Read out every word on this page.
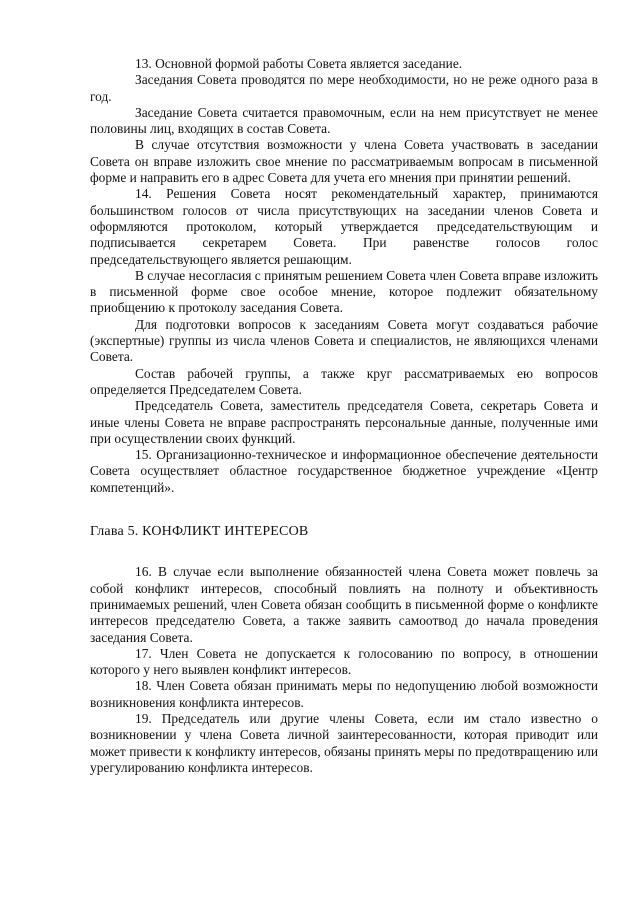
13. Основной формой работы Совета является заседание.

Заседания Совета проводятся по мере необходимости, но не реже одного раза в год.

Заседание Совета считается правомочным, если на нем присутствует не менее половины лиц, входящих в состав Совета.

В случае отсутствия возможности у члена Совета участвовать в заседании Совета он вправе изложить свое мнение по рассматриваемым вопросам в письменной форме и направить его в адрес Совета для учета его мнения при принятии решений.

14. Решения Совета носят рекомендательный характер, принимаются большинством голосов от числа присутствующих на заседании членов Совета и оформляются протоколом, который утверждается председательствующим и подписывается секретарем Совета. При равенстве голосов голос председательствующего является решающим.

В случае несогласия с принятым решением Совета член Совета вправе изложить в письменной форме свое особое мнение, которое подлежит обязательному приобщению к протоколу заседания Совета.

Для подготовки вопросов к заседаниям Совета могут создаваться рабочие (экспертные) группы из числа членов Совета и специалистов, не являющихся членами Совета.

Состав рабочей группы, а также круг рассматриваемых ею вопросов определяется Председателем Совета.

Председатель Совета, заместитель председателя Совета, секретарь Совета и иные члены Совета не вправе распространять персональные данные, полученные ими при осуществлении своих функций.

15. Организационно-техническое и информационное обеспечение деятельности Совета осуществляет областное государственное бюджетное учреждение «Центр компетенций».

Глава 5. КОНФЛИКТ ИНТЕРЕСОВ

16. В случае если выполнение обязанностей члена Совета может повлечь за собой конфликт интересов, способный повлиять на полноту и объективность принимаемых решений, член Совета обязан сообщить в письменной форме о конфликте интересов председателю Совета, а также заявить самоотвод до начала проведения заседания Совета.

17. Член Совета не допускается к голосованию по вопросу, в отношении которого у него выявлен конфликт интересов.

18. Член Совета обязан принимать меры по недопущению любой возможности возникновения конфликта интересов.

19. Председатель или другие члены Совета, если им стало известно о возникновении у члена Совета личной заинтересованности, которая приводит или может привести к конфликту интересов, обязаны принять меры по предотвращению или урегулированию конфликта интересов.
